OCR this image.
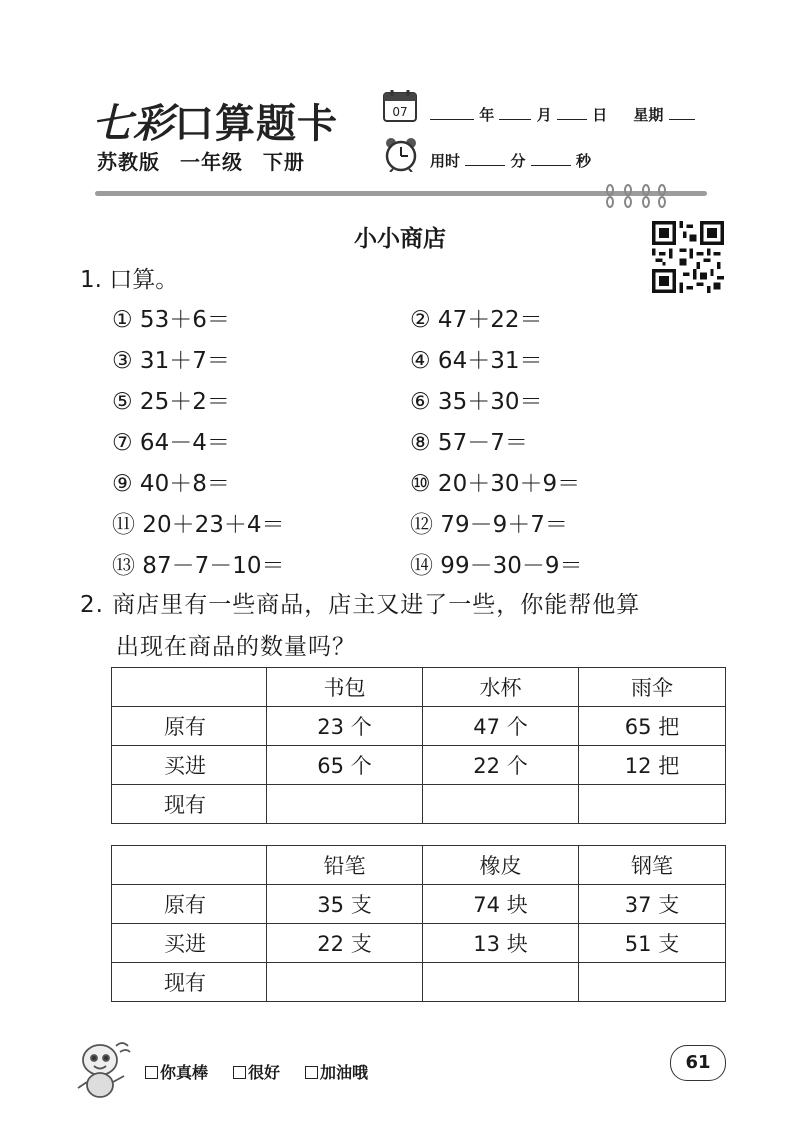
七彩口算题卡
苏教版 一年级 下册
07	年	月	日 星期
用时	分	秒
小小商店
1. 口算。
① 53＋6＝	② 47＋22＝
③ 31＋7＝	④ 64＋31＝
⑤ 25＋2＝	⑥ 35＋30＝
⑦ 64－4＝	⑧ 57－7＝
⑨ 40＋8＝	⑩ 20＋30＋9＝
⑪ 20＋23＋4＝	⑫ 79－9＋7＝
⑬ 87－7－10＝	⑭ 99－30－9＝
2. 商店里有一些商品，店主又进了一些，你能帮他算
出现在商品的数量吗？
	书包	水杯	雨伞
原有	23 个	47 个	65 把
买进	65 个	22 个	12 把
现有			
	铅笔	橡皮	钢笔
原有	35 支	74 块	37 支
买进	22 支	13 块	51 支
现有			
你真棒	很好	加油哦	61
